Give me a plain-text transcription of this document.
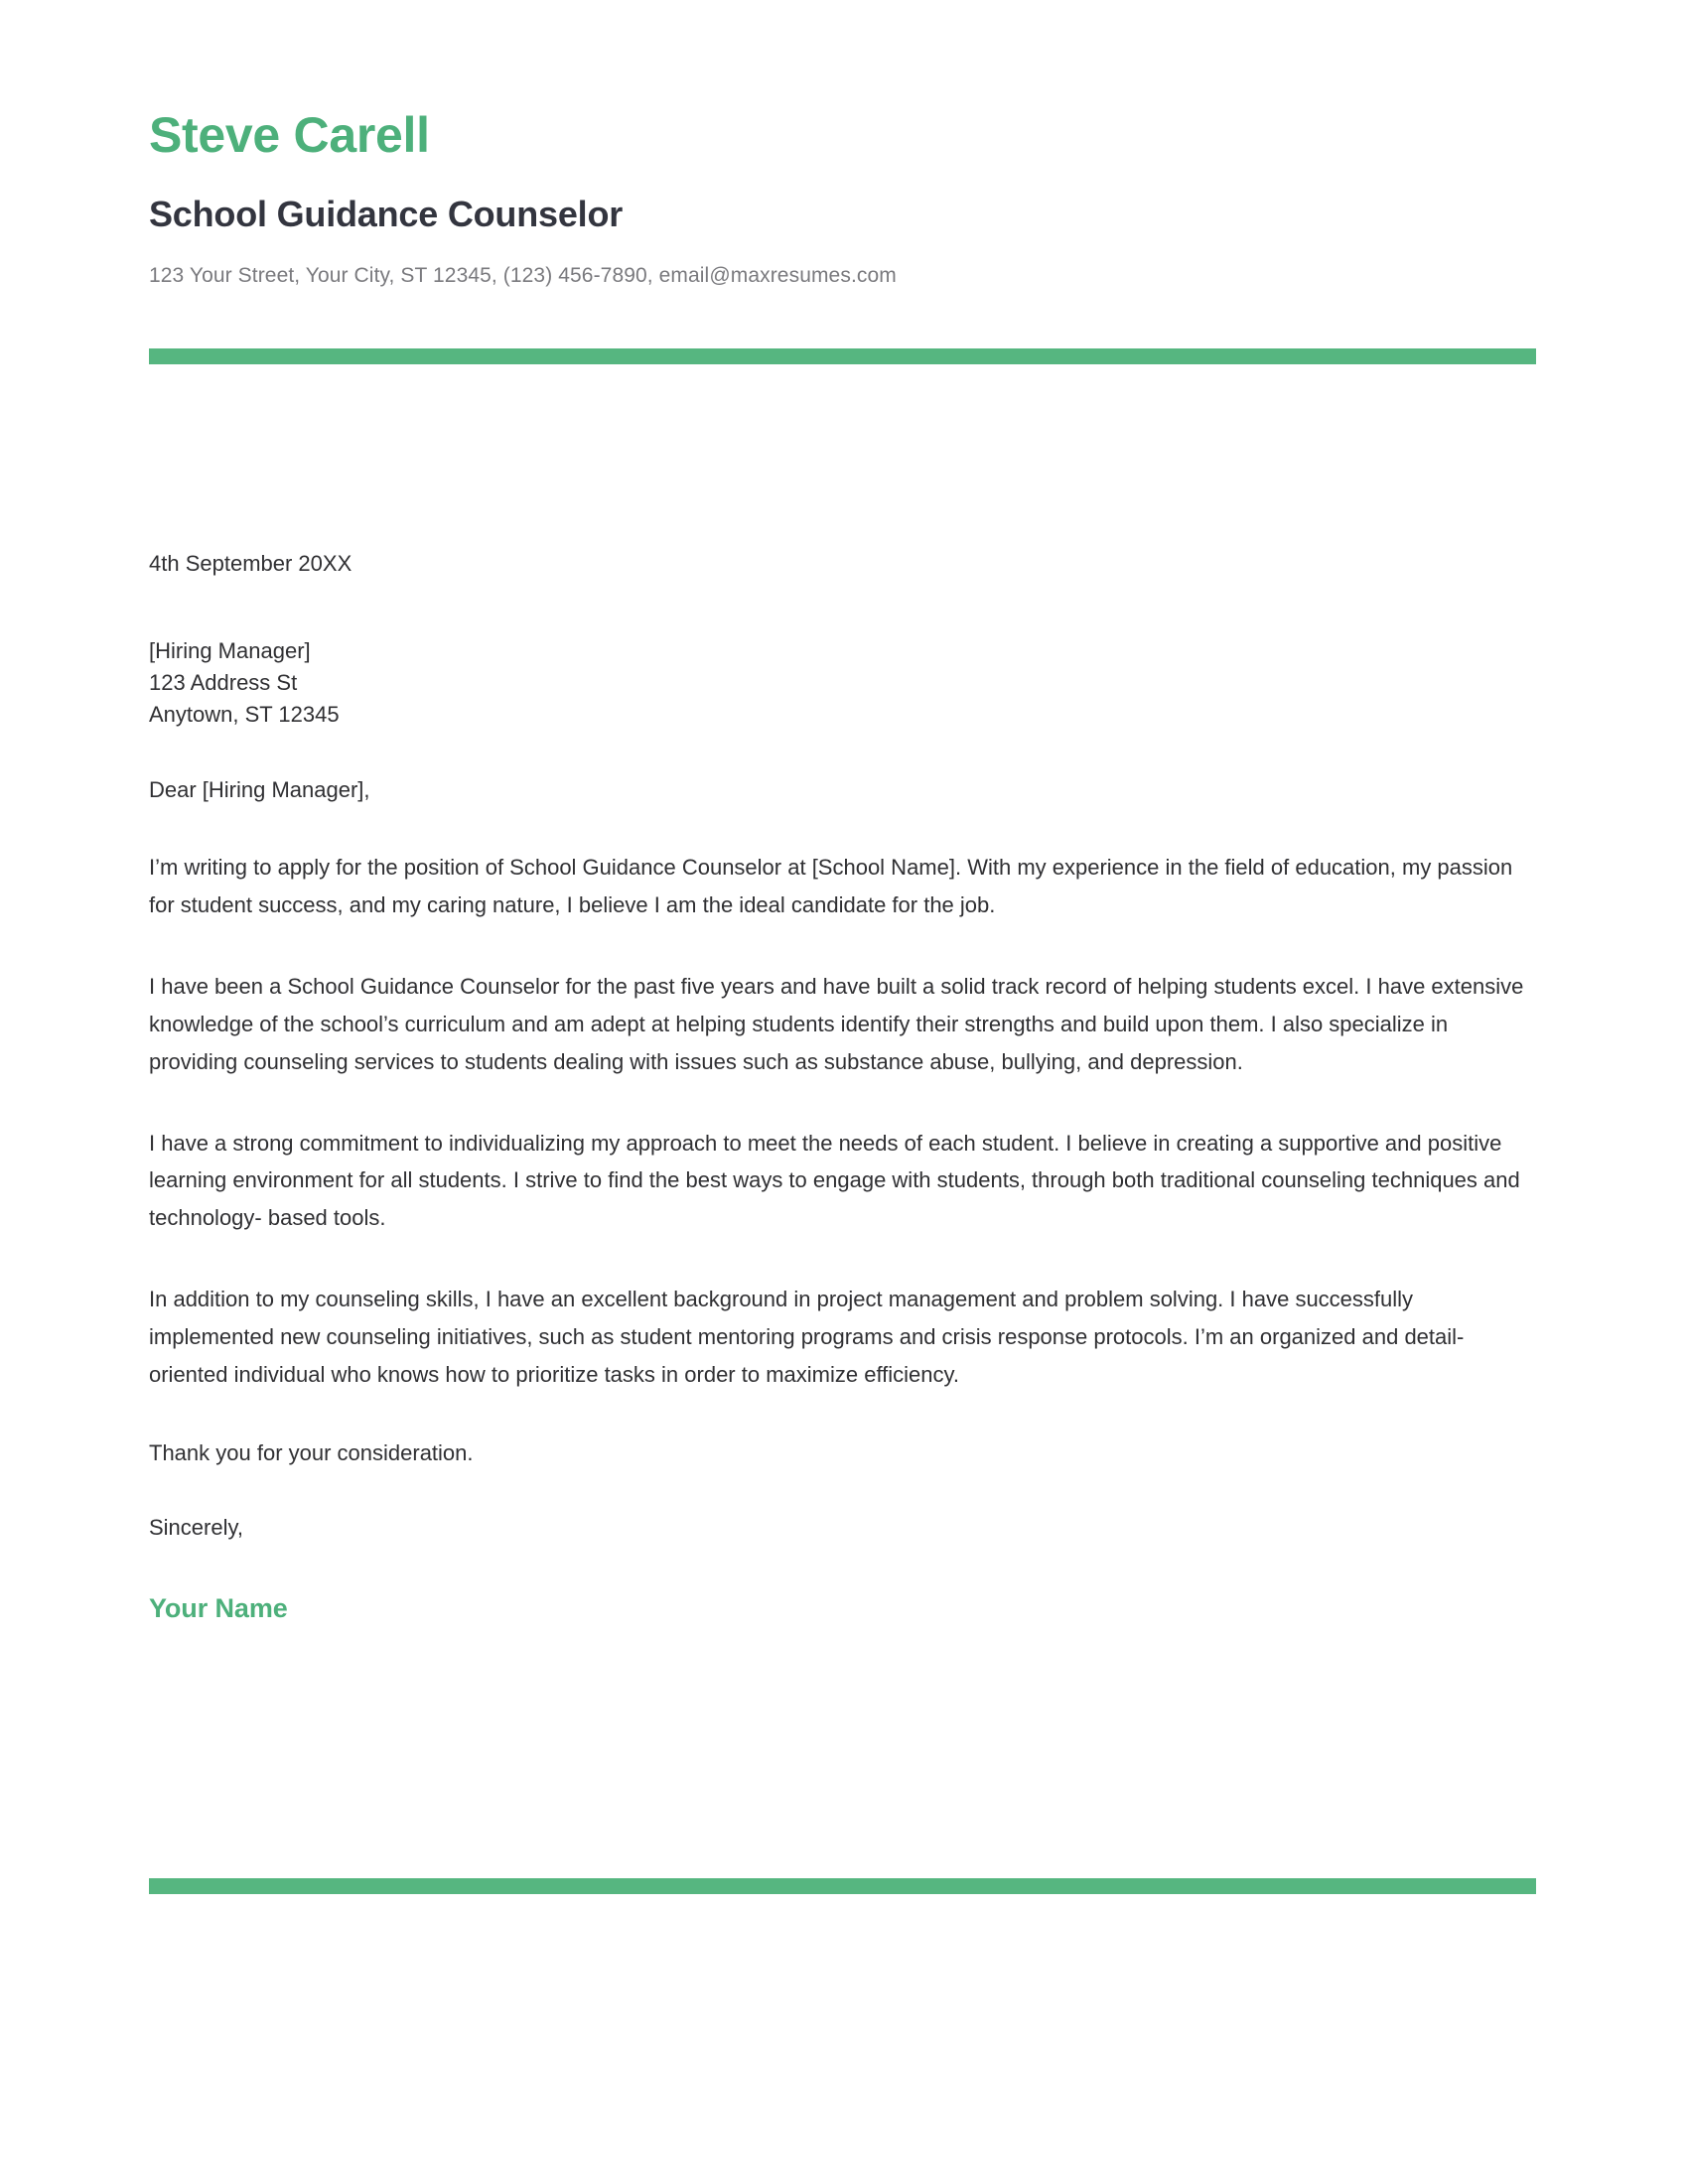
Steve Carell
School Guidance Counselor
123 Your Street, Your City, ST 12345, (123) 456-7890, email@maxresumes.com
4th September 20XX
[Hiring Manager]
123 Address St
Anytown, ST 12345
Dear [Hiring Manager],

I’m writing to apply for the position of School Guidance Counselor at [School Name]. With my experience in the field of education, my passion for student success, and my caring nature, I believe I am the ideal candidate for the job.

I have been a School Guidance Counselor for the past five years and have built a solid track record of helping students excel. I have extensive knowledge of the school’s curriculum and am adept at helping students identify their strengths and build upon them. I also specialize in providing counseling services to students dealing with issues such as substance abuse, bullying, and depression.

I have a strong commitment to individualizing my approach to meet the needs of each student. I believe in creating a supportive and positive learning environment for all students. I strive to find the best ways to engage with students, through both traditional counseling techniques and technology- based tools.

In addition to my counseling skills, I have an excellent background in project management and problem solving. I have successfully implemented new counseling initiatives, such as student mentoring programs and crisis response protocols. I’m an organized and detail- oriented individual who knows how to prioritize tasks in order to maximize efficiency.

Thank you for your consideration.
Sincerely,
Your Name
